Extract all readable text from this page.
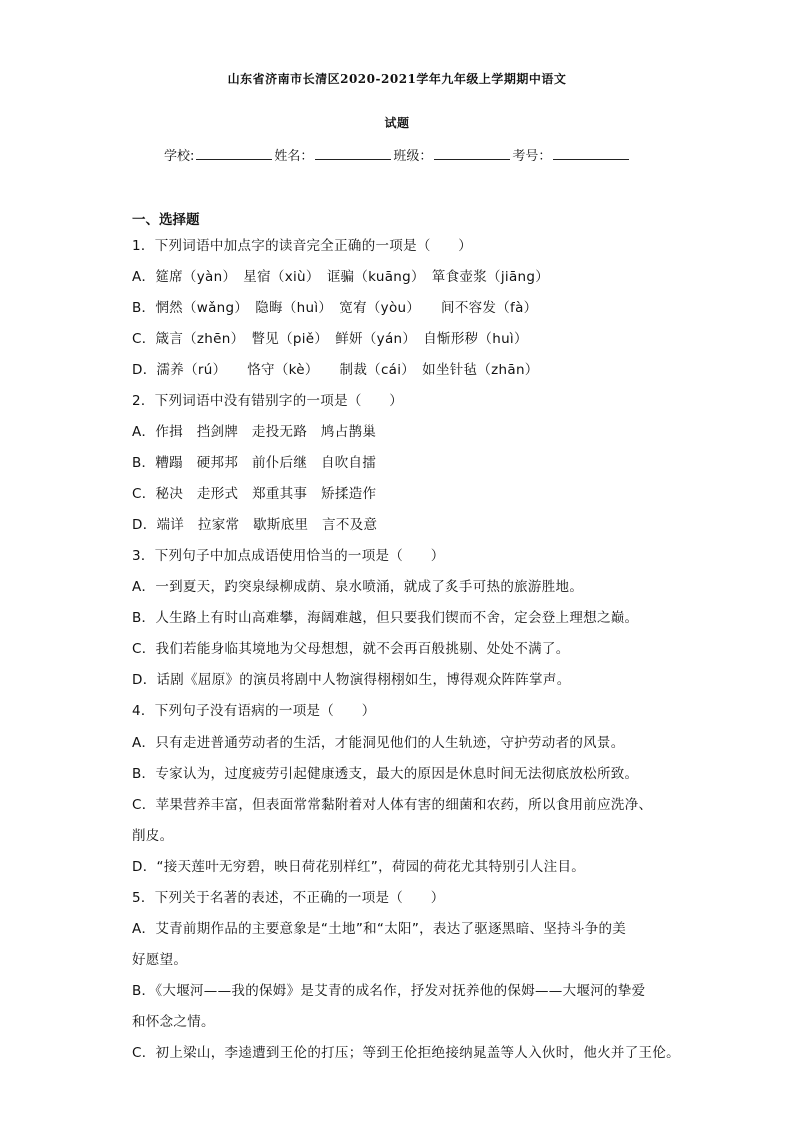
山东省济南市长清区2020-2021学年九年级上学期期中语文
试题
学校:	姓名：	班级：	考号：
一、选择题
1．下列词语中加点字的读音完全正确的一项是（　　）
A．筵席（yàn）　星宿（xiù）　诓骗（kuāng）　箪食壶浆（jiāng）
B．惘然（wǎng）　隐晦（huì）　宽宥（yòu）　　间不容发（fà）
C．箴言（zhēn）　瞥见（piě）　鲜妍（yán）　自惭形秽（huì）
D．濡养（rú）　　恪守（kè）　　制裁（cái）　如坐针毡（zhān）
2．下列词语中没有错别字的一项是（　　）
A．作揖　挡剑牌　走投无路　鸠占鹊巢
B．糟蹋　硬邦邦　前仆后继　自吹自擂
C．秘决　走形式　郑重其事　矫揉造作
D．端详　拉家常　歇斯底里　言不及意
3．下列句子中加点成语使用恰当的一项是（　　）
A．一到夏天，趵突泉绿柳成荫、泉水喷涌，就成了炙手可热的旅游胜地。
B．人生路上有时山高难攀，海阔难越，但只要我们锲而不舍，定会登上理想之巅。
C．我们若能身临其境地为父母想想，就不会再百般挑剔、处处不满了。
D．话剧《屈原》的演员将剧中人物演得栩栩如生，博得观众阵阵掌声。
4．下列句子没有语病的一项是（　　）
A．只有走进普通劳动者的生活，才能洞见他们的人生轨迹，守护劳动者的风景。
B．专家认为，过度疲劳引起健康透支，最大的原因是休息时间无法彻底放松所致。
C．苹果营养丰富，但表面常常黏附着对人体有害的细菌和农药，所以食用前应洗净、
削皮。
D．“接天莲叶无穷碧，映日荷花别样红”，荷园的荷花尤其特别引人注目。
5．下列关于名著的表述，不正确的一项是（　　）
A．艾青前期作品的主要意象是“土地”和“太阳”，表达了驱逐黑暗、坚持斗争的美
好愿望。
B．《大堰河——我的保姆》是艾青的成名作，抒发对抚养他的保姆——大堰河的挚爱
和怀念之情。
C．初上梁山，李逵遭到王伦的打压；等到王伦拒绝接纳晁盖等人入伙时，他火并了王伦。
